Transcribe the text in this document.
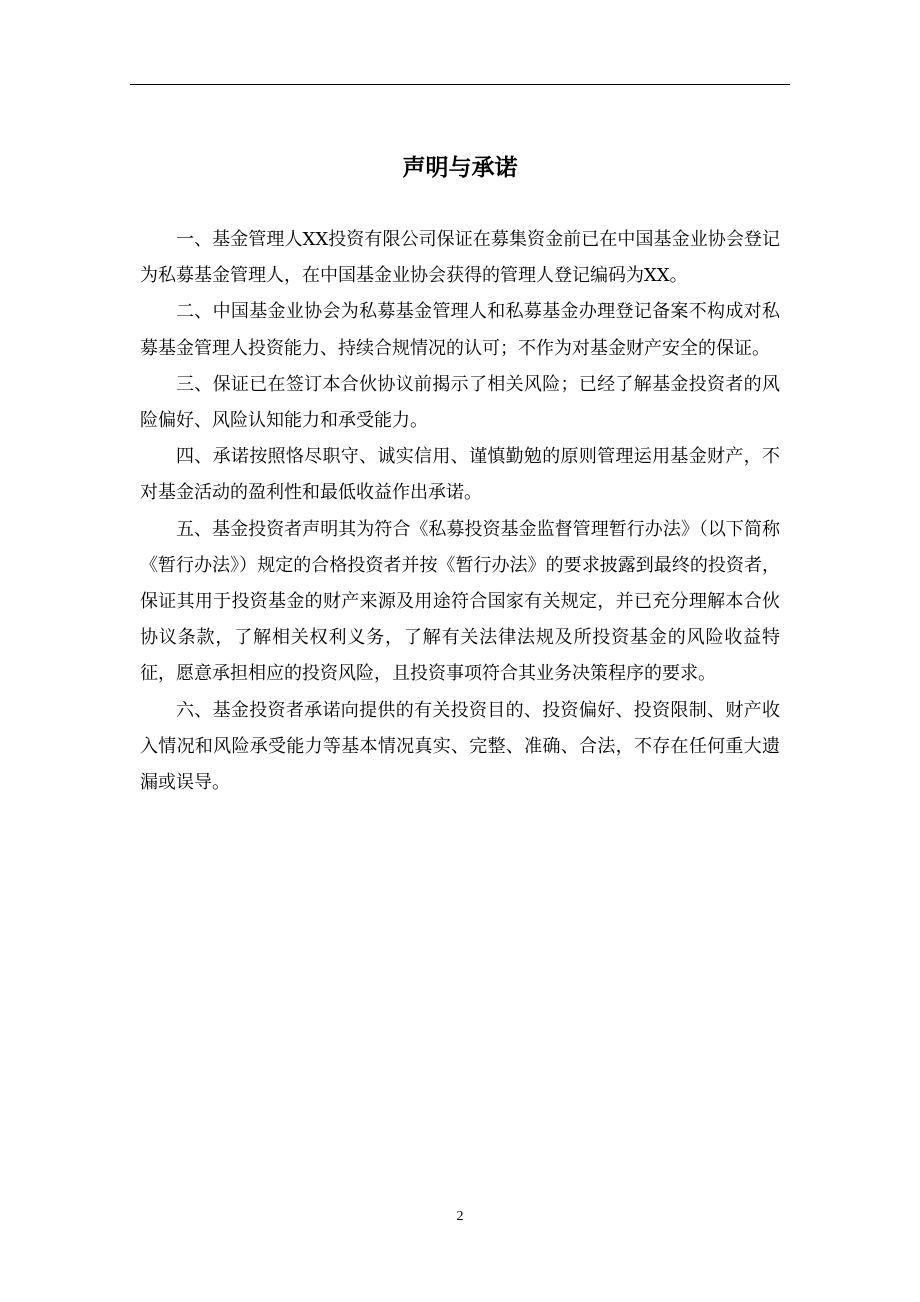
声明与承诺

一、基金管理人XX投资有限公司保证在募集资金前已在中国基金业协会登记为私募基金管理人，在中国基金业协会获得的管理人登记编码为XX。

二、中国基金业协会为私募基金管理人和私募基金办理登记备案不构成对私募基金管理人投资能力、持续合规情况的认可；不作为对基金财产安全的保证。

三、保证已在签订本合伙协议前揭示了相关风险；已经了解基金投资者的风险偏好、风险认知能力和承受能力。

四、承诺按照恪尽职守、诚实信用、谨慎勤勉的原则管理运用基金财产，不对基金活动的盈利性和最低收益作出承诺。

五、基金投资者声明其为符合《私募投资基金监督管理暂行办法》（以下简称《暂行办法》）规定的合格投资者并按《暂行办法》的要求披露到最终的投资者，保证其用于投资基金的财产来源及用途符合国家有关规定，并已充分理解本合伙协议条款，了解相关权利义务，了解有关法律法规及所投资基金的风险收益特征，愿意承担相应的投资风险，且投资事项符合其业务决策程序的要求。

六、基金投资者承诺向提供的有关投资目的、投资偏好、投资限制、财产收入情况和风险承受能力等基本情况真实、完整、准确、合法，不存在任何重大遗漏或误导。

2
